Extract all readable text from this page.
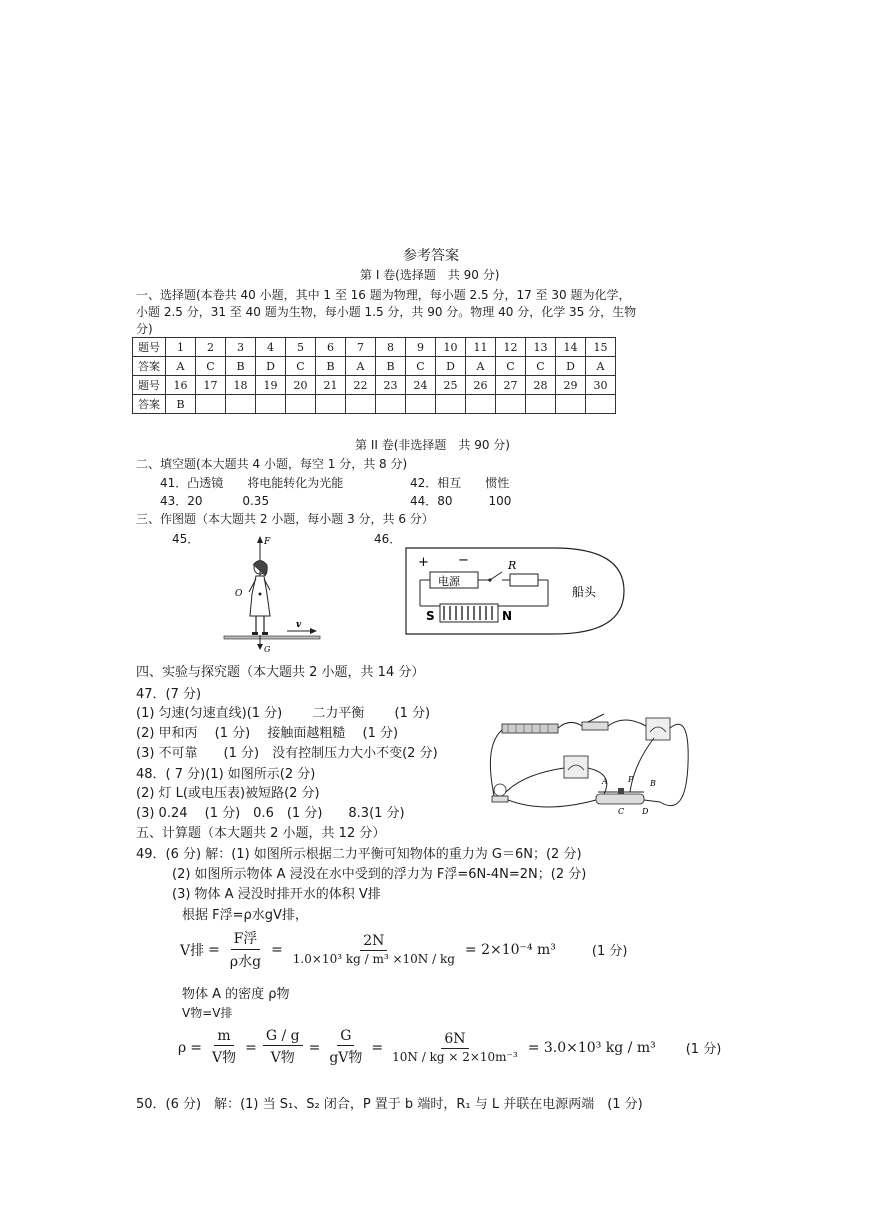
参考答案
第 I 卷(选择题　共 90 分)
一、选择题(本卷共 40 小题，其中 1 至 16 题为物理，每小题 2.5 分，17 至 30 题为化学，
小题 2.5 分，31 至 40 题为生物，每小题 1.5 分，共 90 分。物理 40 分，化学 35 分，生物
分)
题号	1	2	3	4	5	6	7	8	9	10	11	12	13	14	15
答案	A	C	B	D	C	B	A	B	C	D	A	C	C	D	A
题号	16	17	18	19	20	21	22	23	24	25	26	27	28	29	30
答案	B														
第 II 卷(非选择题　共 90 分)
二、填空题(本大题共 4 小题，每空 1 分，共 8 分)
41．凸透镜　　将电能转化为光能	42．相互　　惯性
43．20　　　 0.35	44．80　　　100
三、作图题（本大题共 2 小题，每小题 3 分，共 6 分）
45．	46．
F
O
v
G
+ −
电源
R
S	N
船头
四、实验与探究题（本大题共 2 小题，共 14 分）
47．(7 分)
(1) 匀速(匀速直线)(1 分)　　 二力平衡　　 (1 分)
(2) 甲和丙　 (1 分)　 接触面越粗糙　 (1 分)
(3) 不可靠　　(1 分)　没有控制压力大小不变(2 分)
48．( 7 分)(1) 如图所示(2 分)
(2) 灯 L(或电压表)被短路(2 分)
(3) 0.24　 (1 分)　0.6　(1 分)　　8.3(1 分)
A	P B
C D
五、计算题（本大题共 2 小题，共 12 分）
49．(6 分) 解：(1) 如图所示根据二力平衡可知物体的重力为 G＝6N；(2 分)
(2) 如图所示物体 A 浸没在水中受到的浮力为 F浮=6N-4N=2N；(2 分)
(3) 物体 A 浸没时排开水的体积 V排
根据 F浮=ρ水gV排，
V排 = $\frac{\text{F浮}}{\text{ρ水g}} = \frac{2N}{\text{1.0×10³ kg / m³ ×10N / kg}} = 2\times 10^{-4}$ m³	(1 分)
物体 A 的密度 ρ物
V物=V排
$\rho = \frac{m}{\text{V物}} = \frac{G / g}{\text{V物}} = \frac{G}{\text{gV物}} = \frac{6N}{\text{10N / kg × 2×10m⁻³}} = 3.0\times 10^3$ kg / m³ (1 分)
50．(6 分)　解：(1) 当 S₁、S₂ 闭合，P 置于 b 端时，R₁ 与 L 并联在电源两端　(1 分)
